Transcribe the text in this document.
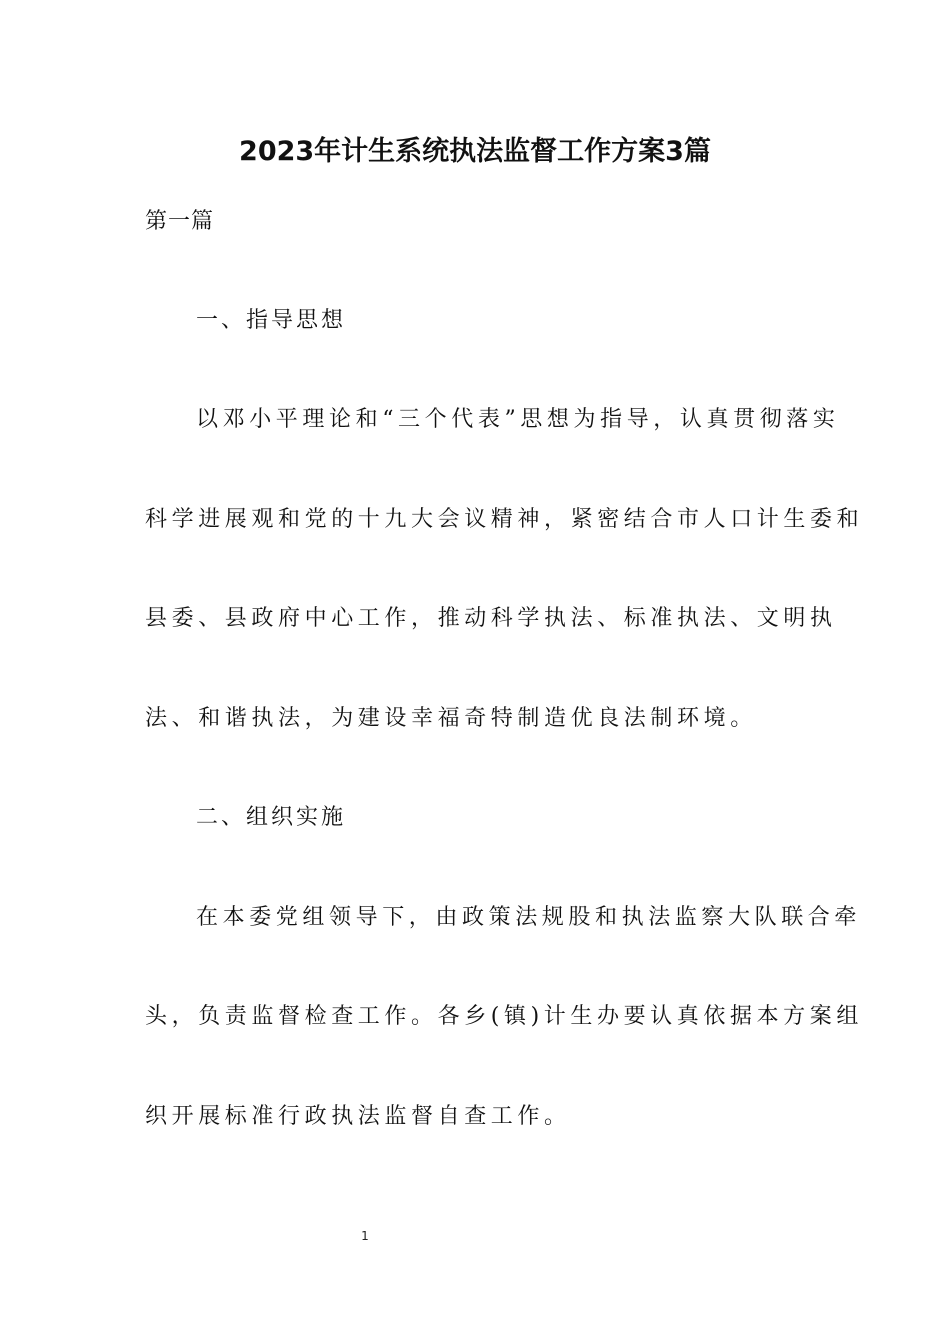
2023年计生系统执法监督工作方案3篇
第一篇
一、指导思想
以邓小平理论和“三个代表”思想为指导，认真贯彻落实
科学进展观和党的十九大会议精神，紧密结合市人口计生委和
县委、县政府中心工作，推动科学执法、标准执法、文明执
法、和谐执法，为建设幸福奇特制造优良法制环境。
二、组织实施
在本委党组领导下，由政策法规股和执法监察大队联合牵
头，负责监督检查工作。各乡(镇)计生办要认真依据本方案组
织开展标准行政执法监督自查工作。
1
